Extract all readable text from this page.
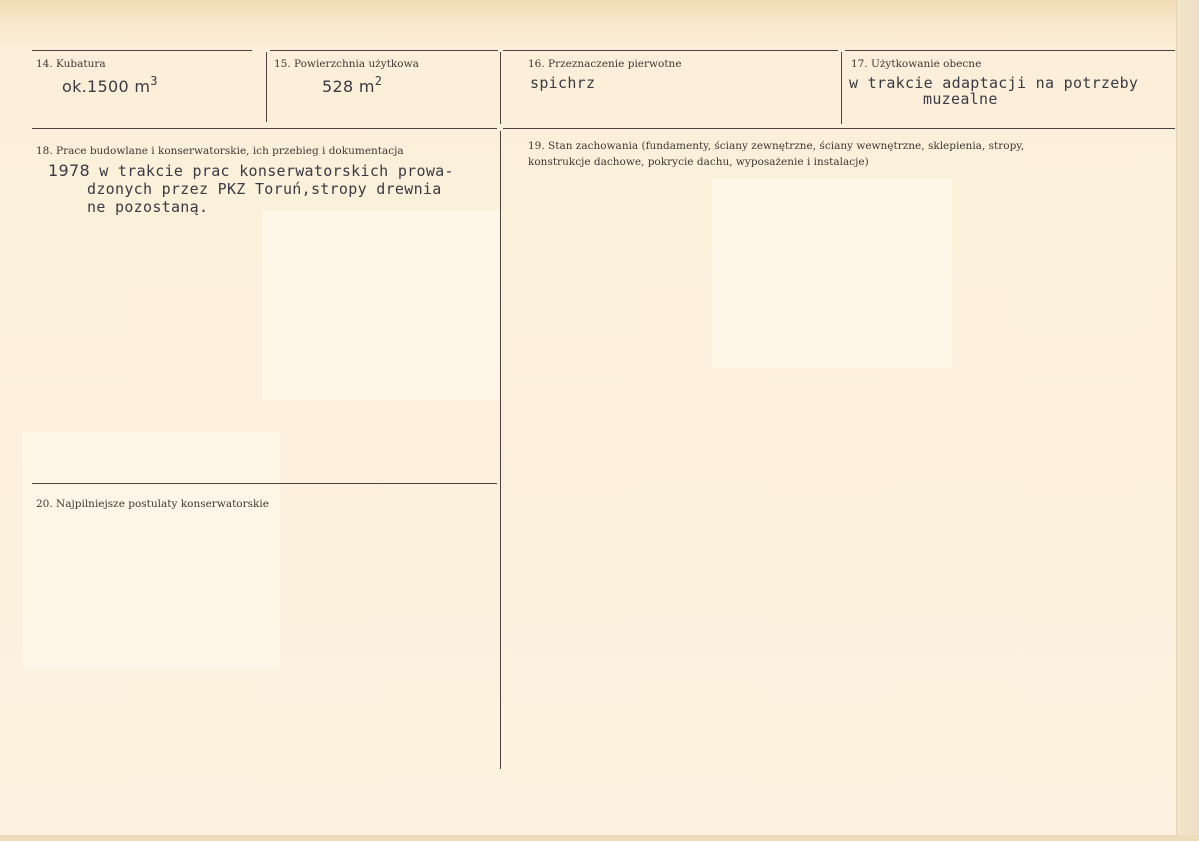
14. Kubatura
ok.1500 $m^3$
15. Powierzchnia użytkowa
528 $m^2$
16. Przeznaczenie pierwotne
spichrz
17. Użytkowanie obecne
w trakcie adaptacji na potrzeby
muzealne
18. Prace budowlane i konserwatorskie, ich przebieg i dokumentacja
1978 w trakcie prac konserwatorskich prowa-
dzonych przez PKZ Toruń,stropy drewnia
ne pozostaną.
19. Stan zachowania (fundamenty, ściany zewnętrzne, ściany wewnętrzne, sklepienia, stropy,
konstrukcje dachowe, pokrycie dachu, wyposażenie i instalacje)
20. Najpilniejsze postulaty konserwatorskie
